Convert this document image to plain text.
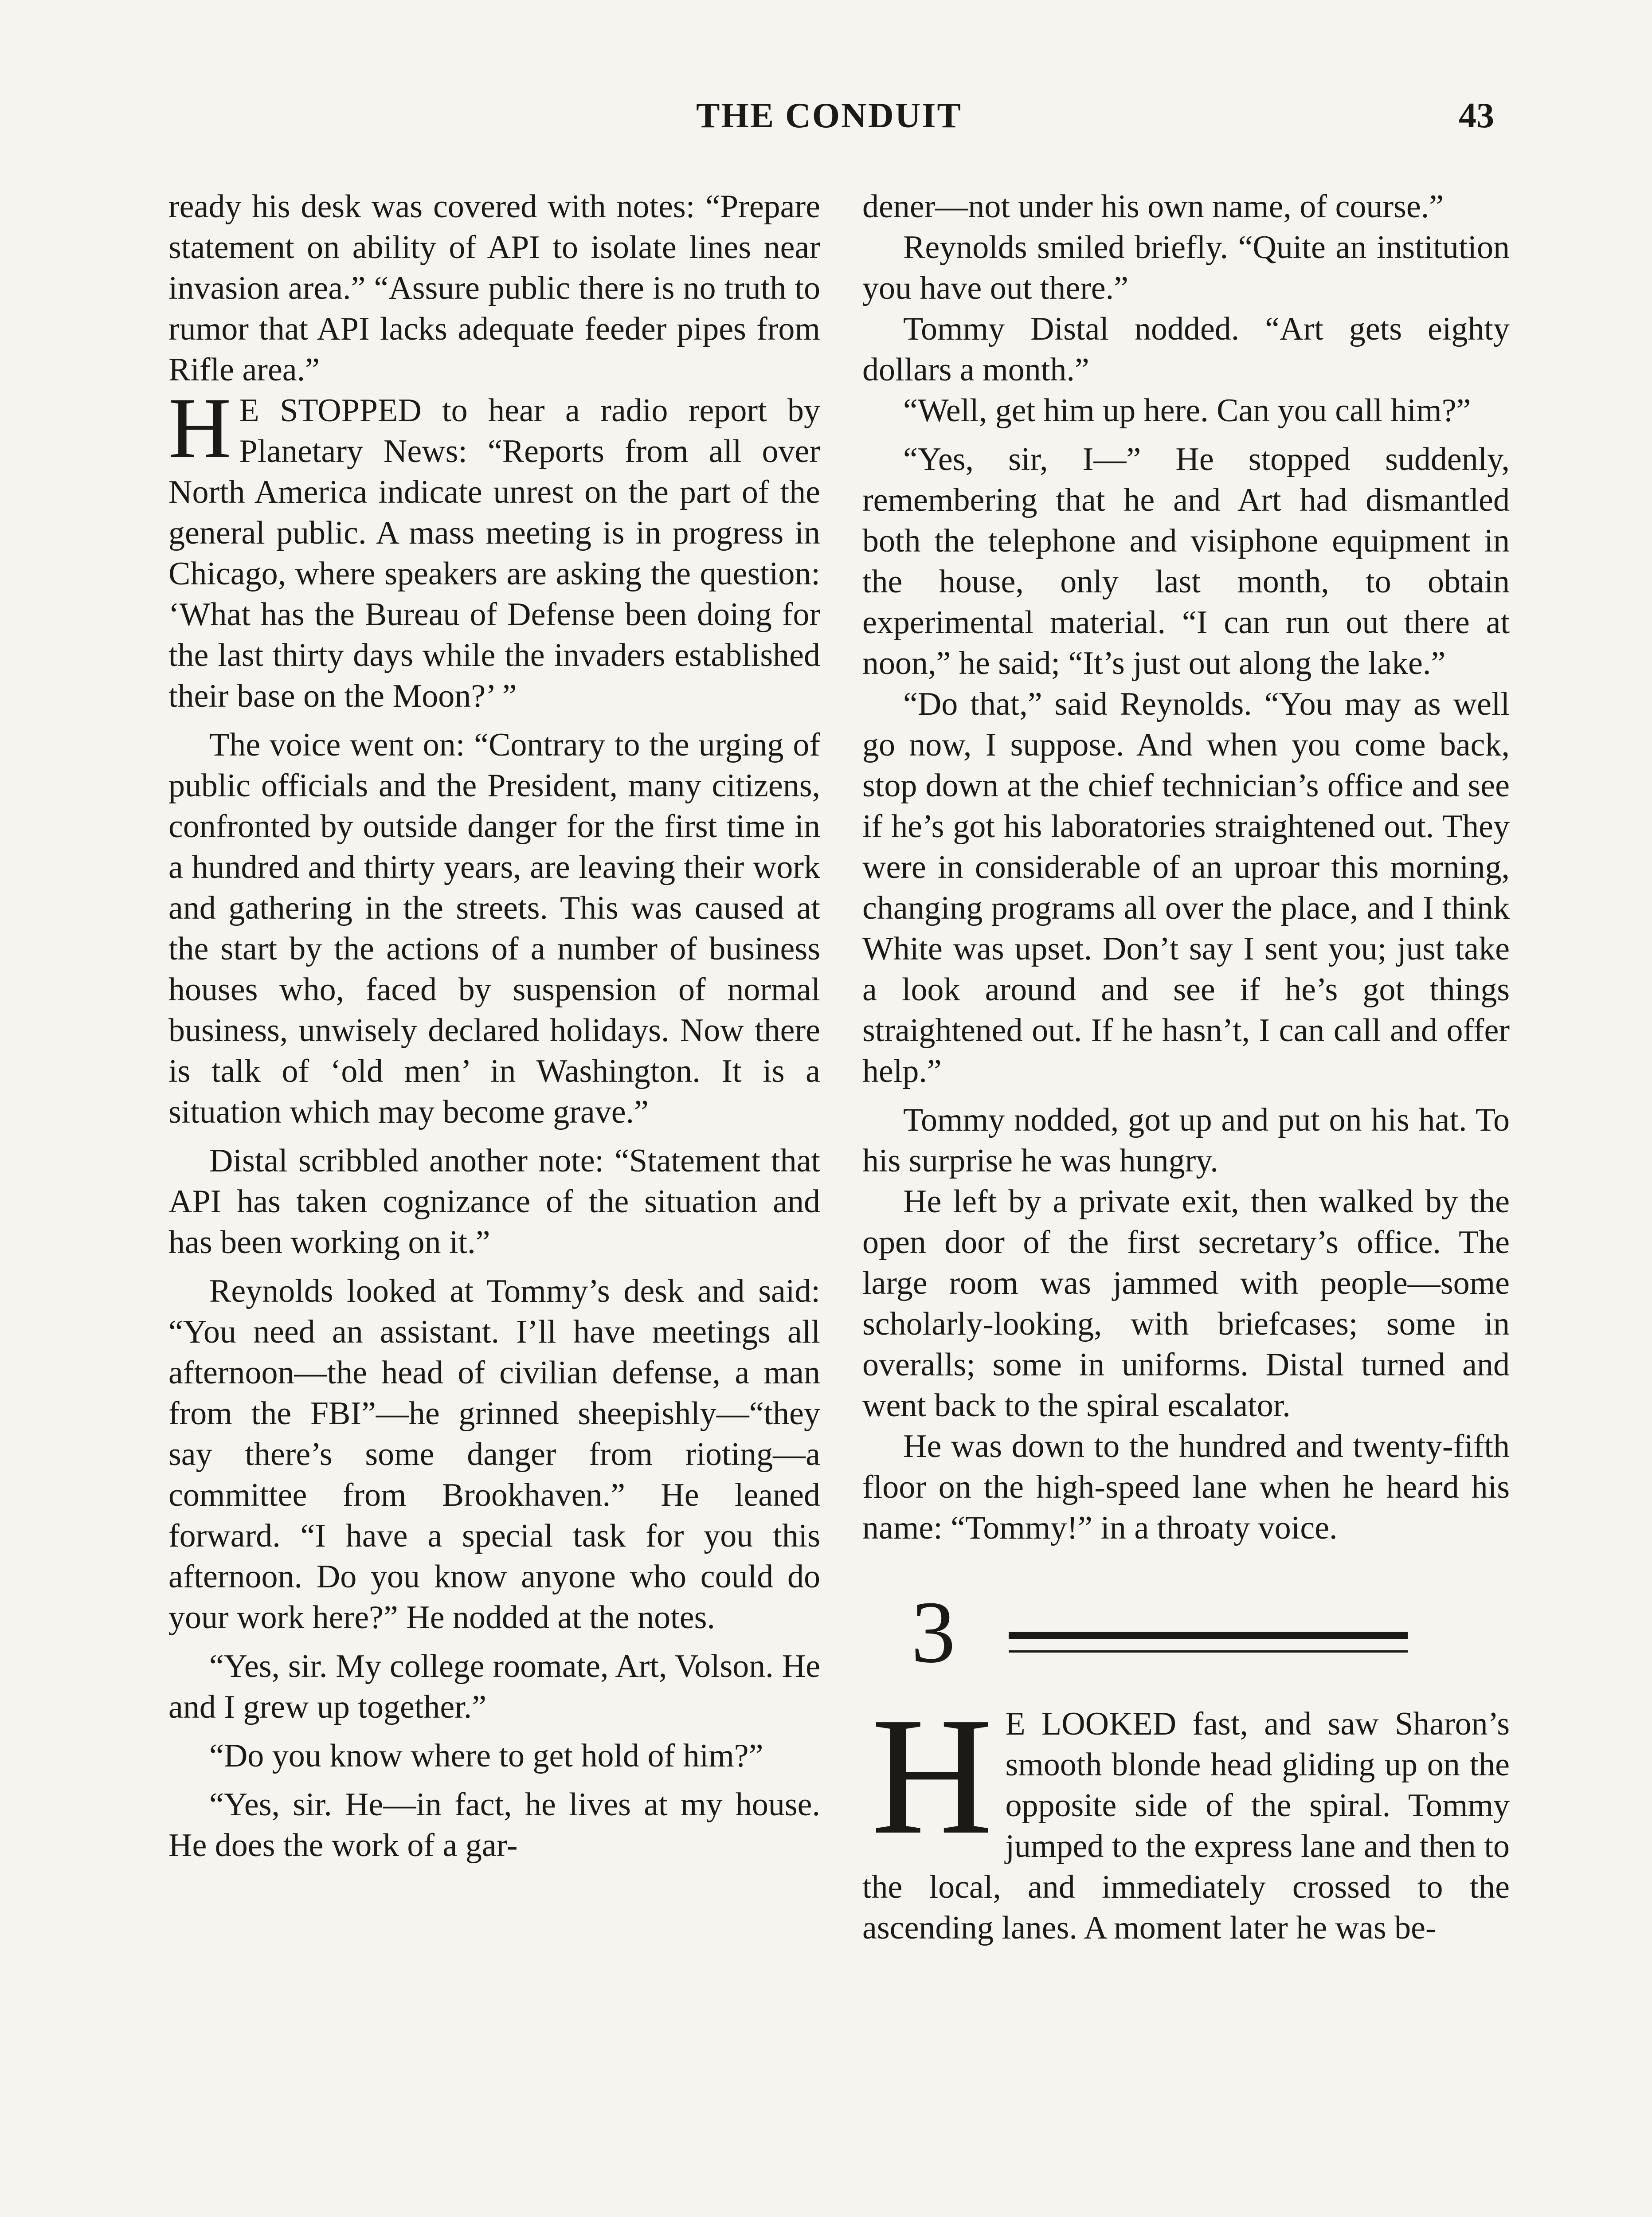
THE CONDUIT	43

ready his desk was covered with notes: “Prepare statement on ability of API to isolate lines near invasion area.” “Assure public there is no truth to rumor that API lacks adequate feeder pipes from Rifle area.”

H E STOPPED to hear a radio report by Planetary News: “Reports from all over North America indicate unrest on the part of the general public. A mass meeting is in progress in Chicago, where speakers are asking the question: ‘What has the Bureau of Defense been doing for the last thirty days while the invaders established their base on the Moon?’ ”

The voice went on: “Contrary to the urging of public officials and the President, many citizens, confronted by outside danger for the first time in a hundred and thirty years, are leaving their work and gathering in the streets. This was caused at the start by the actions of a number of business houses who, faced by suspension of normal business, unwisely declared holidays. Now there is talk of ‘old men’ in Washington. It is a situation which may become grave.”

Distal scribbled another note: “Statement that API has taken cognizance of the situation and has been working on it.”

Reynolds looked at Tommy’s desk and said: “You need an assistant. I’ll have meetings all afternoon—the head of civilian defense, a man from the FBI”—he grinned sheepishly—“they say there’s some danger from rioting—a committee from Brookhaven.” He leaned forward. “I have a special task for you this afternoon. Do you know anyone who could do your work here?” He nodded at the notes.

“Yes, sir. My college roomate, Art, Volson. He and I grew up together.”

“Do you know where to get hold of him?”

“Yes, sir. He—in fact, he lives at my house. He does the work of a gar-

dener—not under his own name, of course.”

Reynolds smiled briefly. “Quite an institution you have out there.”

Tommy Distal nodded. “Art gets eighty dollars a month.”

“Well, get him up here. Can you call him?”

“Yes, sir, I—” He stopped suddenly, remembering that he and Art had dismantled both the telephone and visiphone equipment in the house, only last month, to obtain experimental material. “I can run out there at noon,” he said; “It’s just out along the lake.”

“Do that,” said Reynolds. “You may as well go now, I suppose. And when you come back, stop down at the chief technician’s office and see if he’s got his laboratories straightened out. They were in considerable of an uproar this morning, changing programs all over the place, and I think White was upset. Don’t say I sent you; just take a look around and see if he’s got things straightened out. If he hasn’t, I can call and offer help.”

Tommy nodded, got up and put on his hat. To his surprise he was hungry.

He left by a private exit, then walked by the open door of the first secretary’s office. The large room was jammed with people—some scholarly-looking, with briefcases; some in overalls; some in uniforms. Distal turned and went back to the spiral escalator.

He was down to the hundred and twenty-fifth floor on the high-speed lane when he heard his name: “Tommy!” in a throaty voice.

3

H E LOOKED fast, and saw Sharon’s smooth blonde head gliding up on the opposite side of the spiral. Tommy jumped to the express lane and then to the local, and immediately crossed to the ascending lanes. A moment later he was be-
